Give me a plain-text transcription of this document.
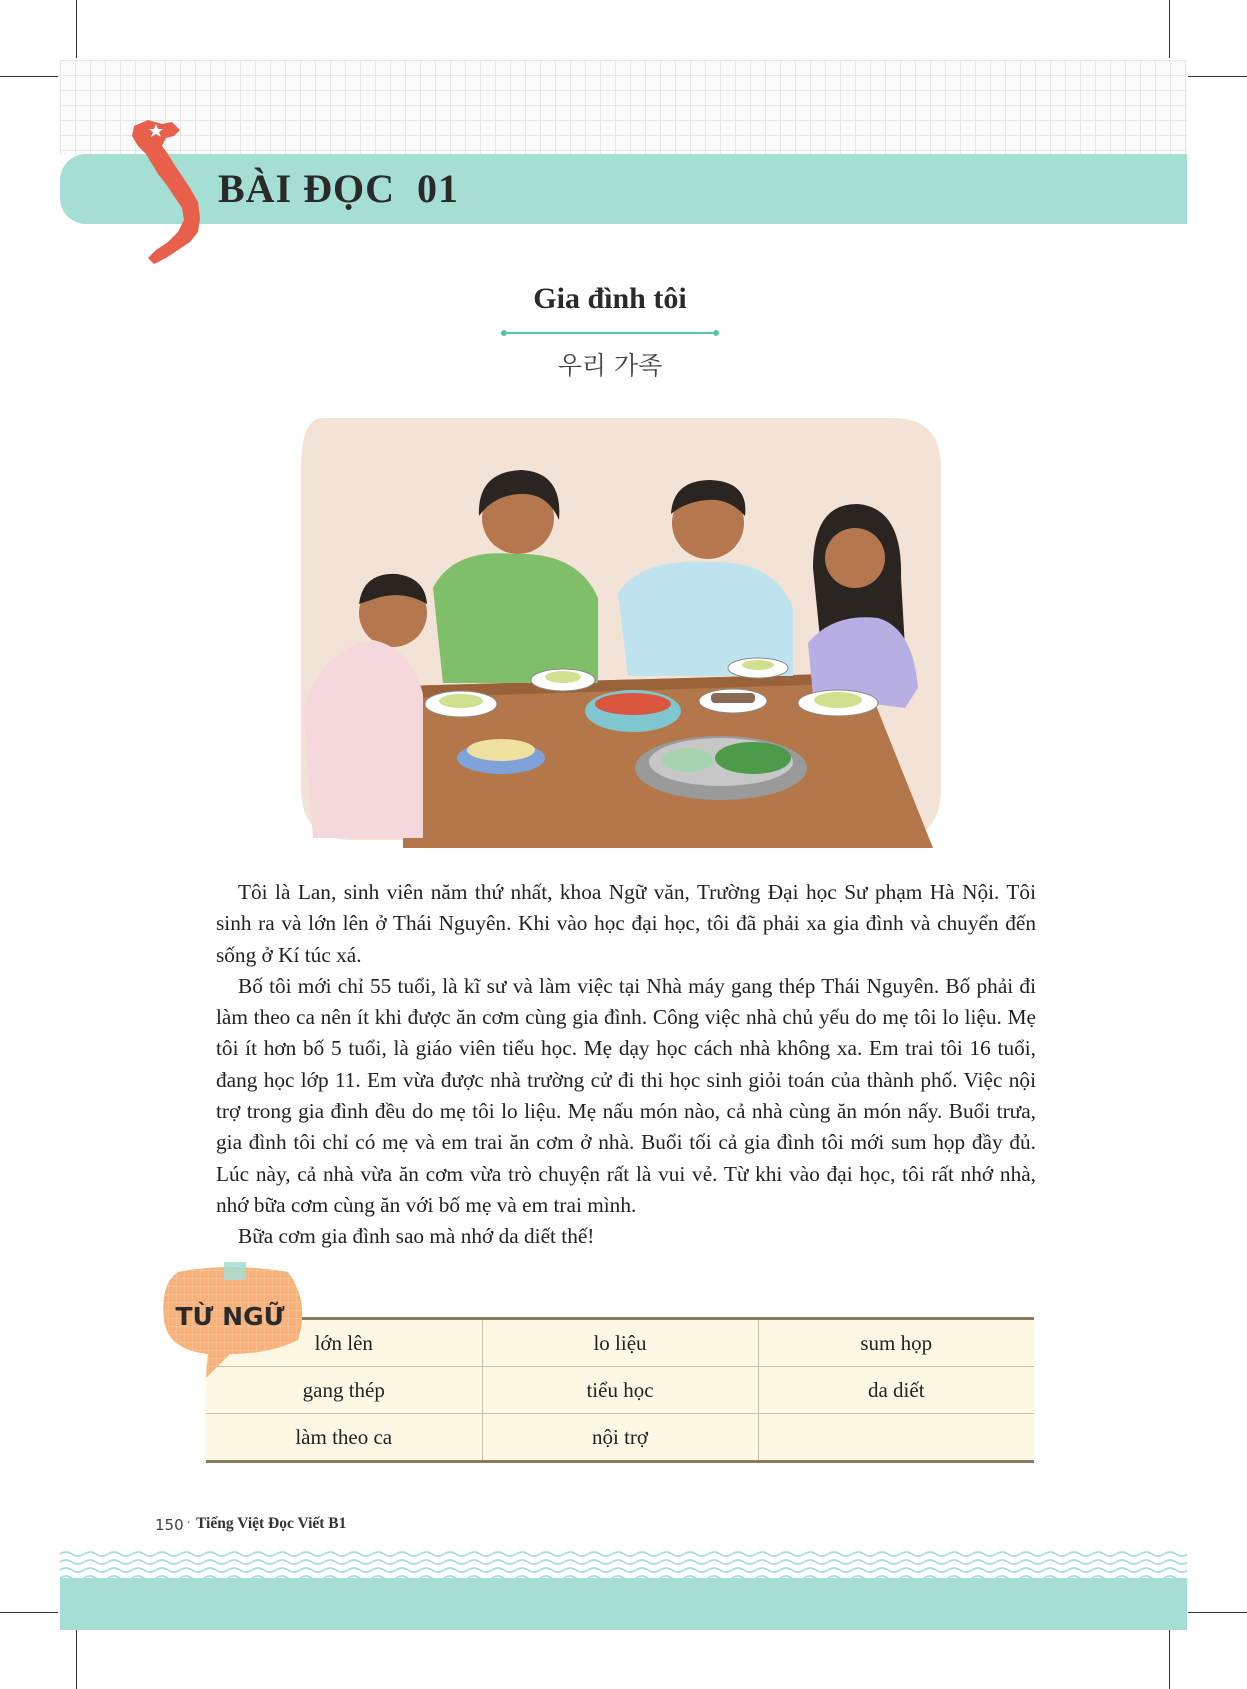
BÀI ĐỌC  01
Gia đình tôi
우리 가족

Tôi là Lan, sinh viên năm thứ nhất, khoa Ngữ văn, Trường Đại học Sư phạm Hà Nội. Tôi sinh ra và lớn lên ở Thái Nguyên. Khi vào học đại học, tôi đã phải xa gia đình và chuyển đến sống ở Kí túc xá.

Bố tôi mới chỉ 55 tuổi, là kĩ sư và làm việc tại Nhà máy gang thép Thái Nguyên. Bố phải đi làm theo ca nên ít khi được ăn cơm cùng gia đình. Công việc nhà chủ yếu do mẹ tôi lo liệu. Mẹ tôi ít hơn bố 5 tuổi, là giáo viên tiểu học. Mẹ dạy học cách nhà không xa. Em trai tôi 16 tuổi, đang học lớp 11. Em vừa được nhà trường cử đi thi học sinh giỏi toán của thành phố. Việc nội trợ trong gia đình đều do mẹ tôi lo liệu. Mẹ nấu món nào, cả nhà cùng ăn món nấy. Buổi trưa, gia đình tôi chỉ có mẹ và em trai ăn cơm ở nhà. Buổi tối cả gia đình tôi mới sum họp đầy đủ. Lúc này, cả nhà vừa ăn cơm vừa trò chuyện rất là vui vẻ. Từ khi vào đại học, tôi rất nhớ nhà, nhớ bữa cơm cùng ăn với bố mẹ và em trai mình.

Bữa cơm gia đình sao mà nhớ da diết thế!

lớn lên	lo liệu	sum họp
gang thép	tiểu học	da diết
làm theo ca	nội trợ	
TỪ NGỮ
150 · Tiếng Việt Đọc Viết B1
